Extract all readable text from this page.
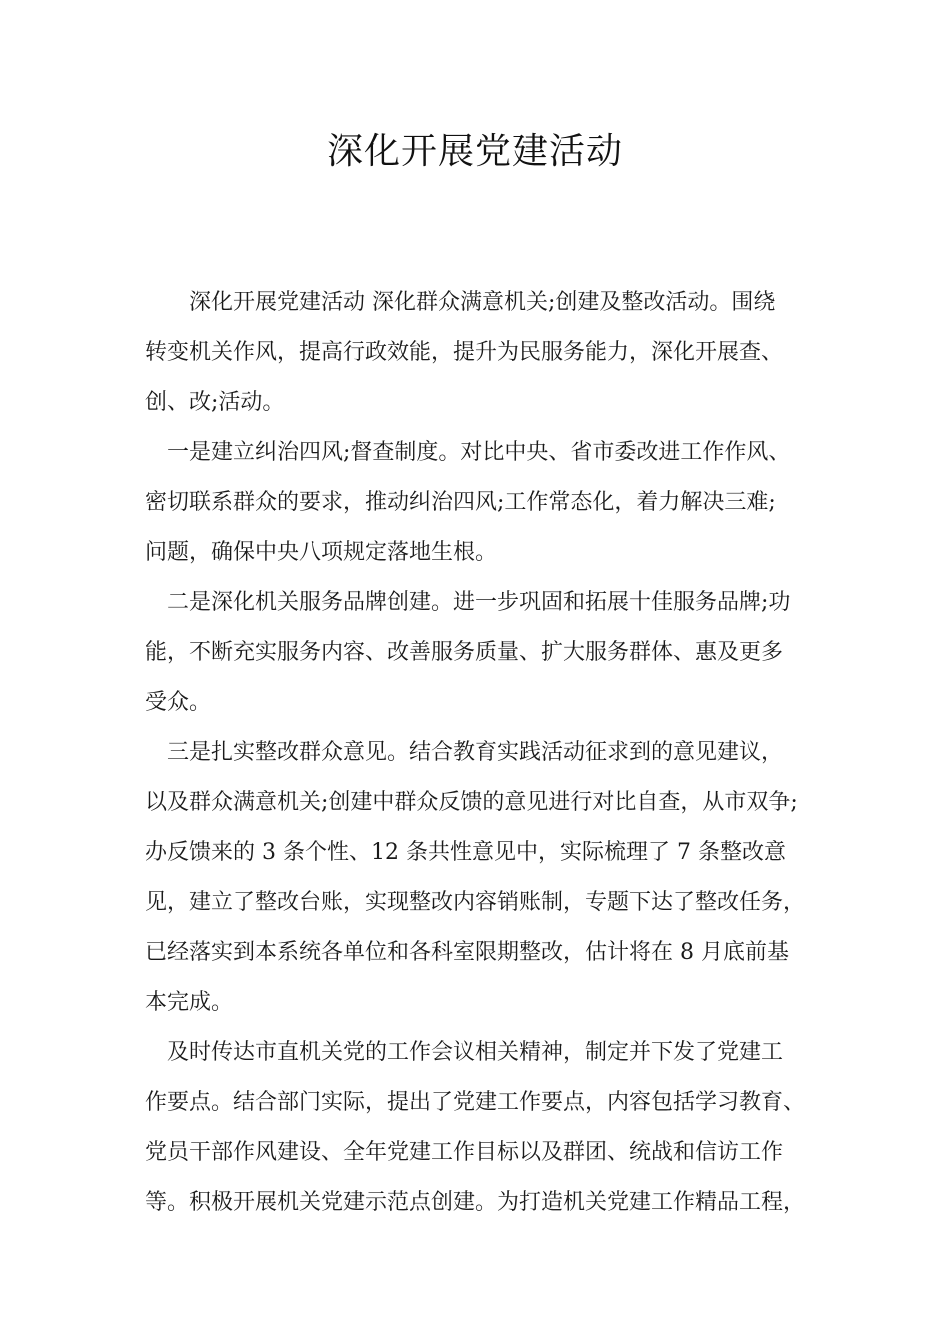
深化开展党建活动
深化开展党建活动 深化群众满意机关;创建及整改活动。围绕
转变机关作风，提高行政效能，提升为民服务能力，深化开展查、
创、改;活动。
一是建立纠治四风;督查制度。对比中央、省市委改进工作作风、
密切联系群众的要求，推动纠治四风;工作常态化，着力解决三难;
问题，确保中央八项规定落地生根。
二是深化机关服务品牌创建。进一步巩固和拓展十佳服务品牌;功
能，不断充实服务内容、改善服务质量、扩大服务群体、惠及更多
受众。
三是扎实整改群众意见。结合教育实践活动征求到的意见建议，
以及群众满意机关;创建中群众反馈的意见进行对比自查，从市双争;
办反馈来的 3 条个性、12 条共性意见中，实际梳理了 7 条整改意
见，建立了整改台账，实现整改内容销账制，专题下达了整改任务，
已经落实到本系统各单位和各科室限期整改，估计将在 8 月底前基
本完成。
及时传达市直机关党的工作会议相关精神，制定并下发了党建工
作要点。结合部门实际，提出了党建工作要点，内容包括学习教育、
党员干部作风建设、全年党建工作目标以及群团、统战和信访工作
等。积极开展机关党建示范点创建。为打造机关党建工作精品工程，
